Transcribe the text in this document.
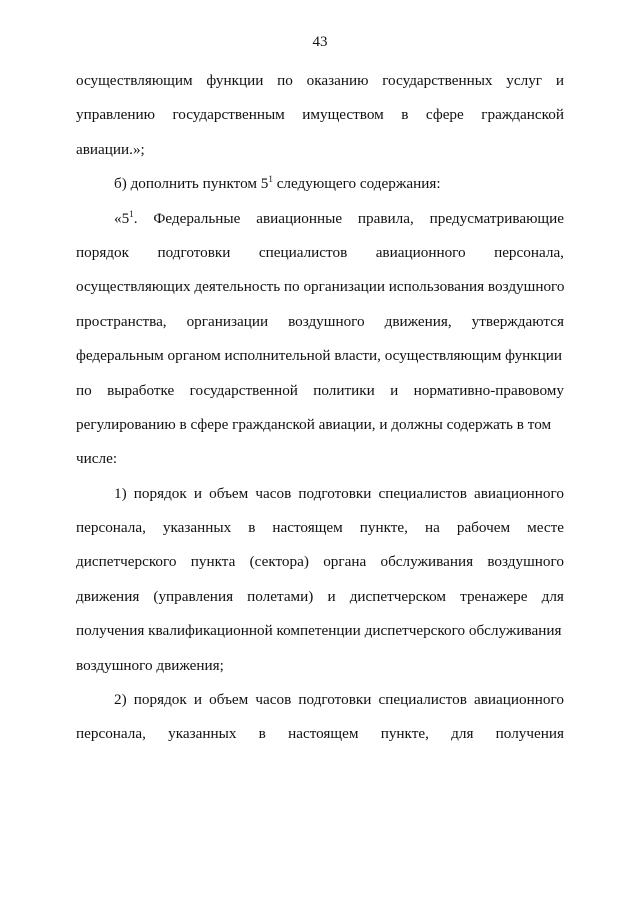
43
осуществляющим функции по оказанию государственных услуг и
управлению государственным имуществом в сфере гражданской
авиации.»;
б) дополнить пунктом $5^1$ следующего содержания:
«$5^1$. Федеральные авиационные правила, предусматривающие
порядок подготовки специалистов авиационного персонала,
осуществляющих деятельность по организации использования воздушного
пространства, организации воздушного движения, утверждаются
федеральным органом исполнительной власти, осуществляющим функции
по выработке государственной политики и нормативно-правовому
регулированию в сфере гражданской авиации, и должны содержать в том
числе:
1) порядок и объем часов подготовки специалистов авиационного
персонала, указанных в настоящем пункте, на рабочем месте
диспетчерского пункта (сектора) органа обслуживания воздушного
движения (управления полетами) и диспетчерском тренажере для
получения квалификационной компетенции диспетчерского обслуживания
воздушного движения;
2) порядок и объем часов подготовки специалистов авиационного
персонала, указанных в настоящем пункте, для получения
